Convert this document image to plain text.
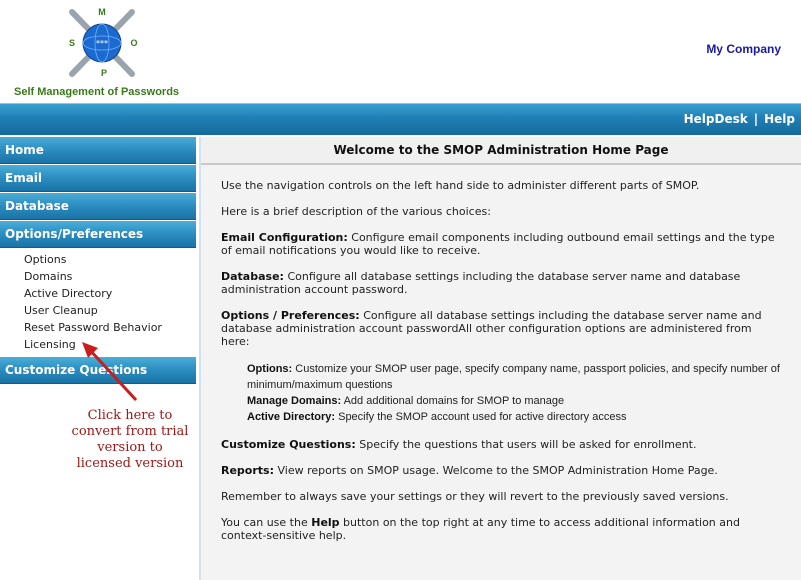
***
M
S	O
P
Self Management of Passwords
My Company
HelpDesk | Help
Home
Email
Database
Options/Preferences
Options
Domains
Active Directory
User Cleanup
Reset Password Behavior
Licensing
Customize Questions
Click here to convert from trial version to licensed version
Welcome to the SMOP Administration Home Page

Use the navigation controls on the left hand side to administer different parts of SMOP.

Here is a brief description of the various choices:

Email Configuration: Configure email components including outbound email settings and the type of email notifications you would like to receive.

Database: Configure all database settings including the database server name and database administration account password.

Options / Preferences: Configure all database settings including the database server name and database administration account passwordAll other configuration options are administered from here:

Options: Customize your SMOP user page, specify company name, passport policies, and specify number of minimum/maximum questions
Manage Domains: Add additional domains for SMOP to manage
Active Directory: Specify the SMOP account used for active directory access

Customize Questions: Specify the questions that users will be asked for enrollment.

Reports: View reports on SMOP usage. Welcome to the SMOP Administration Home Page.

Remember to always save your settings or they will revert to the previously saved versions.

You can use the Help button on the top right at any time to access additional information and context-sensitive help.
